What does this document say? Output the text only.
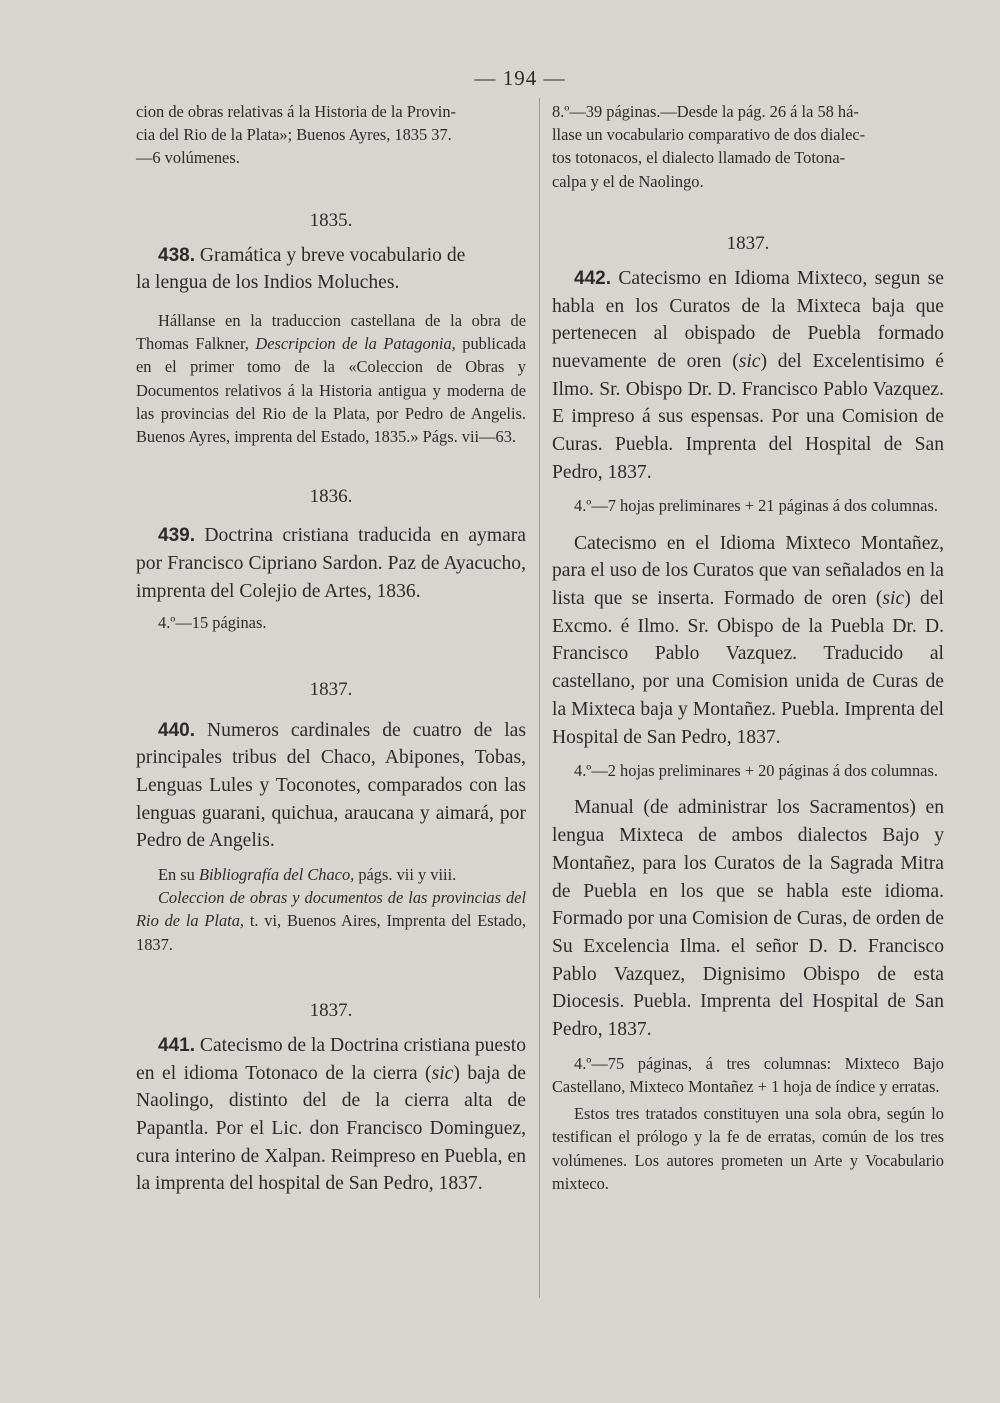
— 194 —

cion de obras relativas á la Historia de la Provin-
cia del Rio de la Plata»; Buenos Ayres, 1835 37.
—6 volúmenes.

1835.

438. Gramática y breve vocabulario de
la lengua de los Indios Moluches.

Hállanse en la traduccion castellana de la obra de Thomas Falkner, Descripcion de la Patagonia, publicada en el primer tomo de la «Coleccion de Obras y Documentos relativos á la Historia antigua y moderna de las provincias del Rio de la Plata, por Pedro de Angelis. Buenos Ayres, imprenta del Estado, 1835.» Págs. vii—63.

1836.

439. Doctrina cristiana traducida en aymara por Francisco Cipriano Sardon. Paz de Ayacucho, imprenta del Colejio de Artes, 1836.

4.º—15 páginas.

1837.

440. Numeros cardinales de cuatro de las principales tribus del Chaco, Abipones, Tobas, Lenguas Lules y Toconotes, comparados con las lenguas guarani, quichua, araucana y aimará, por Pedro de Angelis.

En su Bibliografía del Chaco, págs. vii y viii.

Coleccion de obras y documentos de las provincias del Rio de la Plata, t. vi, Buenos Aires, Imprenta del Estado, 1837.

1837.

441. Catecismo de la Doctrina cristiana puesto en el idioma Totonaco de la cierra (sic) baja de Naolingo, distinto del de la cierra alta de Papantla. Por el Lic. don Francisco Dominguez, cura interino de Xalpan. Reimpreso en Puebla, en la imprenta del hospital de San Pedro, 1837.

8.º—39 páginas.—Desde la pág. 26 á la 58 há-
llase un vocabulario comparativo de dos dialec-
tos totonacos, el dialecto llamado de Totona-
calpa y el de Naolingo.

1837.

442. Catecismo en Idioma Mixteco, segun se habla en los Curatos de la Mixteca baja que pertenecen al obispado de Puebla formado nuevamente de oren (sic) del Excelentisimo é Ilmo. Sr. Obispo Dr. D. Francisco Pablo Vazquez. E impreso á sus espensas. Por una Comision de Curas. Puebla. Imprenta del Hospital de San Pedro, 1837.

4.º—7 hojas preliminares + 21 páginas á dos columnas.

Catecismo en el Idioma Mixteco Montañez, para el uso de los Curatos que van señalados en la lista que se inserta. Formado de oren (sic) del Excmo. é Ilmo. Sr. Obispo de la Puebla Dr. D. Francisco Pablo Vazquez. Traducido al castellano, por una Comision unida de Curas de la Mixteca baja y Montañez. Puebla. Imprenta del Hospital de San Pedro, 1837.

4.º—2 hojas preliminares + 20 páginas á dos columnas.

Manual (de administrar los Sacramentos) en lengua Mixteca de ambos dialectos Bajo y Montañez, para los Curatos de la Sagrada Mitra de Puebla en los que se habla este idioma. Formado por una Comision de Curas, de orden de Su Excelencia Ilma. el señor D. D. Francisco Pablo Vazquez, Dignisimo Obispo de esta Diocesis. Puebla. Imprenta del Hospital de San Pedro, 1837.

4.º—75 páginas, á tres columnas: Mixteco Bajo Castellano, Mixteco Montañez + 1 hoja de índice y erratas.

Estos tres tratados constituyen una sola obra, según lo testifican el prólogo y la fe de erratas, común de los tres volúmenes. Los autores prometen un Arte y Vocabulario mixteco.
